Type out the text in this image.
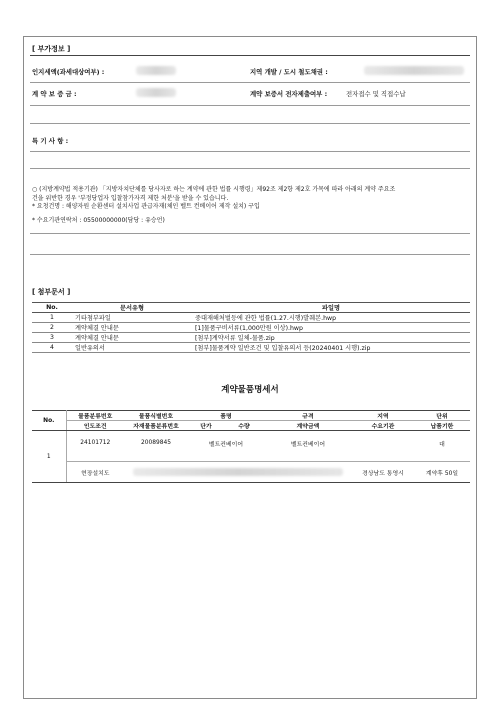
[ 부가정보 ]
인지세액(과세대상여부) :	지역 개발 / 도시 철도채권 :
계 약 보 증 금 :	계약 보증서 전자제출여부 :	전자접수 및 직접수납
특 기 사 항 :
○ (지방계약법 적용기관) 「지방자치단체를 당사자로 하는 계약에 관한 법률 시행령」제92조 제2항 제2호 가목에 따라 아래의 계약 주요조
건을 위반한 경우 '부정당업자 입찰참가자격 제한 처분'을 받을 수 있습니다.
* 요청건명 : 해양자원 순환센터 설치사업 관급자재(체인 벨트 컨베이어 제작 설치) 구입
* 수요기관연락처 : 05500000000(담당 : 유승언)
[ 첨부문서 ]
No.	문서유형	파일명
1	기타첨부파일	중대재해처벌등에 관한 법률(1.27.시행)발췌본.hwp
2	계약체결 안내문	[1]물품구비서류(1,000만원 이상).hwp
3	계약체결 안내문	[첨부]계약서류 일체-물품.zip
4	일반유의서	[첨부]물품계약 일반조건 및 입찰유의서 등(20240401 시행).zip
계약물품명세서
No.	물품분류번호	물품식별번호	품명		규격	지역	단위
	인도조건	자재물품분류번호	단가	수량	계약금액	수요기관	납품기한
1	24101712	20089845	벨트컨베이어		벨트컨베이어		대

	현장설치도					경상남도 통영시	계약후 50일
